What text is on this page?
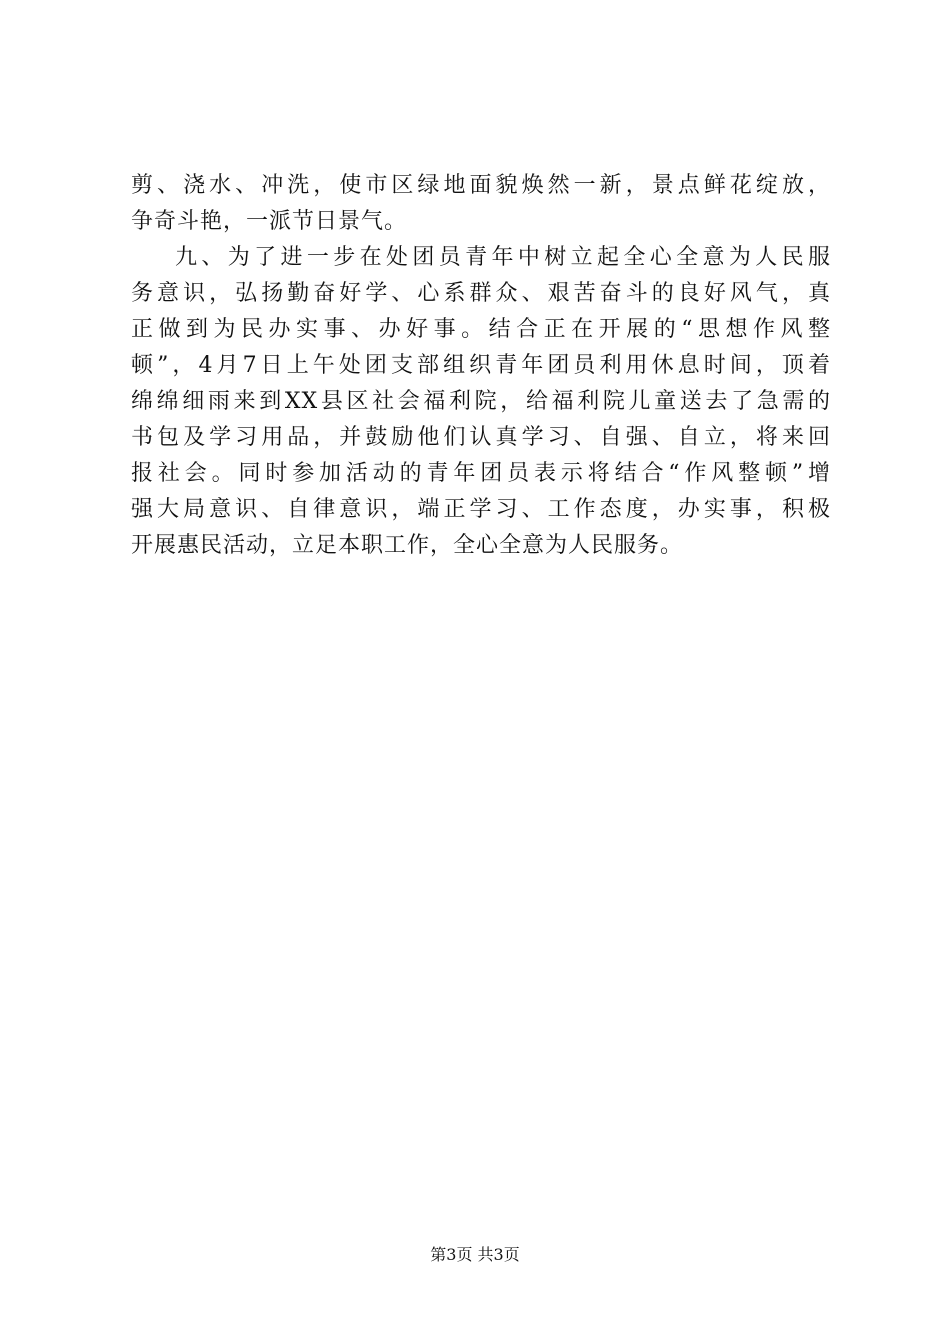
剪、浇水、冲洗，使市区绿地面貌焕然一新，景点鲜花绽放，
争奇斗艳，一派节日景气。
九、为了进一步在处团员青年中树立起全心全意为人民服
务意识，弘扬勤奋好学、心系群众、艰苦奋斗的良好风气，真
正做到为民办实事、办好事。结合正在开展的“思想作风整
顿”，4月7日上午处团支部组织青年团员利用休息时间，顶着
绵绵细雨来到XX县区社会福利院，给福利院儿童送去了急需的
书包及学习用品，并鼓励他们认真学习、自强、自立，将来回
报社会。同时参加活动的青年团员表示将结合“作风整顿”增
强大局意识、自律意识，端正学习、工作态度，办实事，积极
开展惠民活动，立足本职工作，全心全意为人民服务。
第3页 共3页
